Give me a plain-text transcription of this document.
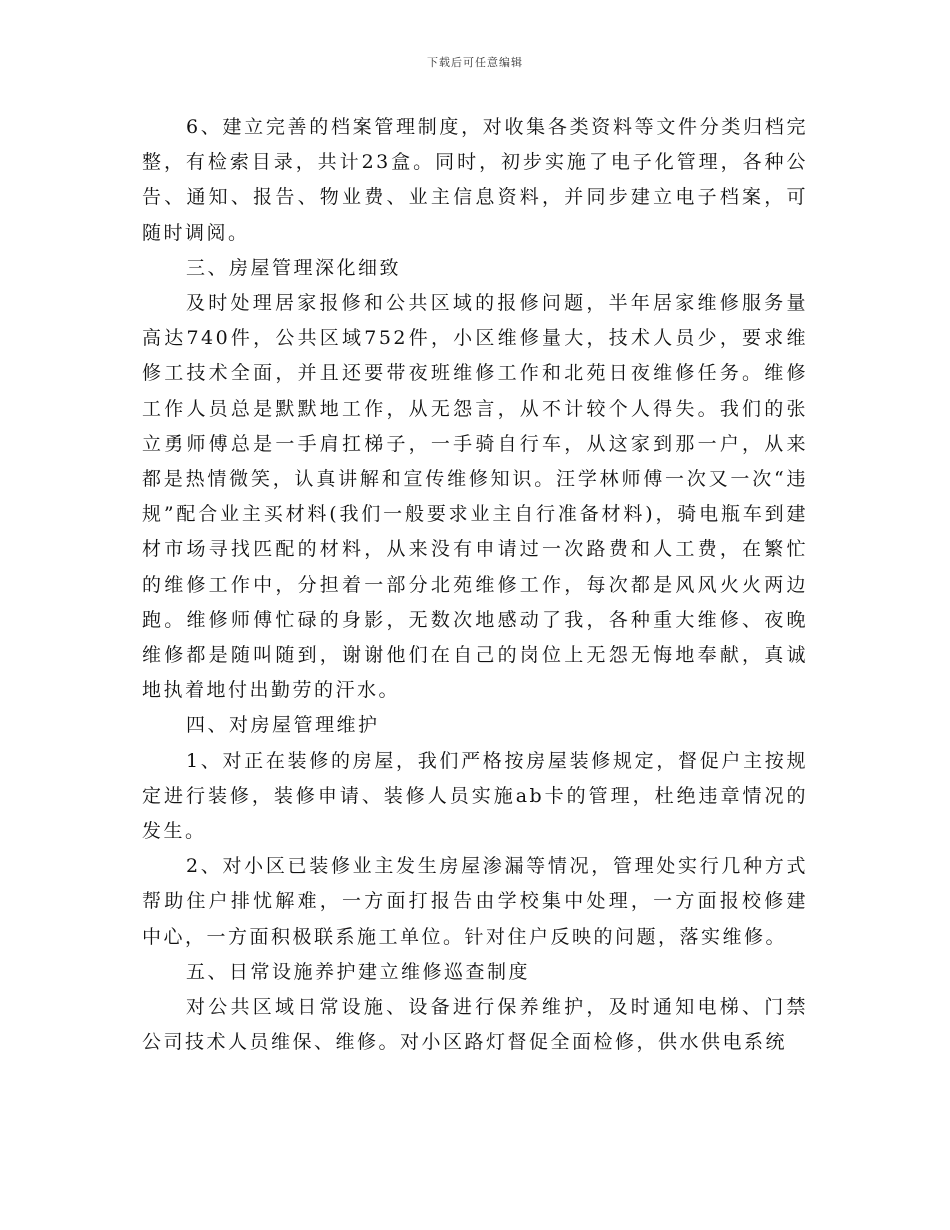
下载后可任意编辑

6、建立完善的档案管理制度，对收集各类资料等文件分类归档完整，有检索目录，共计23盒。同时，初步实施了电子化管理，各种公告、通知、报告、物业费、业主信息资料，并同步建立电子档案，可随时调阅。

三、房屋管理深化细致

及时处理居家报修和公共区域的报修问题，半年居家维修服务量高达740件，公共区域752件，小区维修量大，技术人员少，要求维修工技术全面，并且还要带夜班维修工作和北苑日夜维修任务。维修工作人员总是默默地工作，从无怨言，从不计较个人得失。我们的张立勇师傅总是一手肩扛梯子，一手骑自行车，从这家到那一户，从来都是热情微笑，认真讲解和宣传维修知识。汪学林师傅一次又一次“违规”配合业主买材料(我们一般要求业主自行准备材料)，骑电瓶车到建材市场寻找匹配的材料，从来没有申请过一次路费和人工费，在繁忙的维修工作中，分担着一部分北苑维修工作，每次都是风风火火两边跑。维修师傅忙碌的身影，无数次地感动了我，各种重大维修、夜晚维修都是随叫随到，谢谢他们在自己的岗位上无怨无悔地奉献，真诚地执着地付出勤劳的汗水。

四、对房屋管理维护

1、对正在装修的房屋，我们严格按房屋装修规定，督促户主按规定进行装修，装修申请、装修人员实施ab卡的管理，杜绝违章情况的发生。

2、对小区已装修业主发生房屋渗漏等情况，管理处实行几种方式帮助住户排忧解难，一方面打报告由学校集中处理，一方面报校修建中心，一方面积极联系施工单位。针对住户反映的问题，落实维修。

五、日常设施养护建立维修巡查制度

对公共区域日常设施、设备进行保养维护，及时通知电梯、门禁公司技术人员维保、维修。对小区路灯督促全面检修，供水供电系统
